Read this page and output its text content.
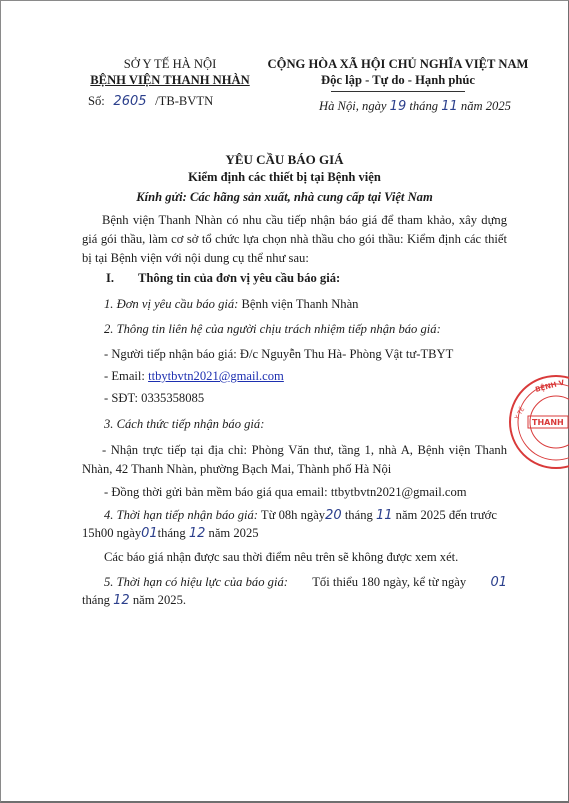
SỞ Y TẾ HÀ NỘI
BỆNH VIỆN THANH NHÀN
Số: 2605 /TB-BVTN
CỘNG HÒA XÃ HỘI CHỦ NGHĨA VIỆT NAM
Độc lập - Tự do - Hạnh phúc
Hà Nội, ngày 19 tháng 11 năm 2025
YÊU CẦU BÁO GIÁ
Kiểm định các thiết bị tại Bệnh viện
Kính gửi: Các hãng sản xuất, nhà cung cấp tại Việt Nam
Bệnh viện Thanh Nhàn có nhu cầu tiếp nhận báo giá để tham khảo, xây dựng giá gói thầu, làm cơ sở tổ chức lựa chọn nhà thầu cho gói thầu: Kiểm định các thiết bị tại Bệnh viện với nội dung cụ thể như sau:
I. Thông tin của đơn vị yêu cầu báo giá:
1. Đơn vị yêu cầu báo giá: Bệnh viện Thanh Nhàn
2. Thông tin liên hệ của người chịu trách nhiệm tiếp nhận báo giá:
- Người tiếp nhận báo giá: Đ/c Nguyễn Thu Hà- Phòng Vật tư-TBYT
- Email: ttbytbvtn2021@gmail.com
- SĐT: 0335358085
3. Cách thức tiếp nhận báo giá:
- Nhận trực tiếp tại địa chỉ: Phòng Văn thư, tầng 1, nhà A, Bệnh viện Thanh Nhàn, 42 Thanh Nhàn, phường Bạch Mai, Thành phố Hà Nội
- Đồng thời gửi bản mềm báo giá qua email: ttbytbvtn2021@gmail.com
4. Thời hạn tiếp nhận báo giá: Từ 08h ngày20 tháng 11 năm 2025 đến trước
15h00 ngày01tháng 12 năm 2025
Các báo giá nhận được sau thời điểm nêu trên sẽ không được xem xét.
5. Thời hạn có hiệu lực của báo giá: Tối thiểu 180 ngày, kể từ ngày 01
tháng 12 năm 2025.
BỆNH V
Y TẾ
THANH
